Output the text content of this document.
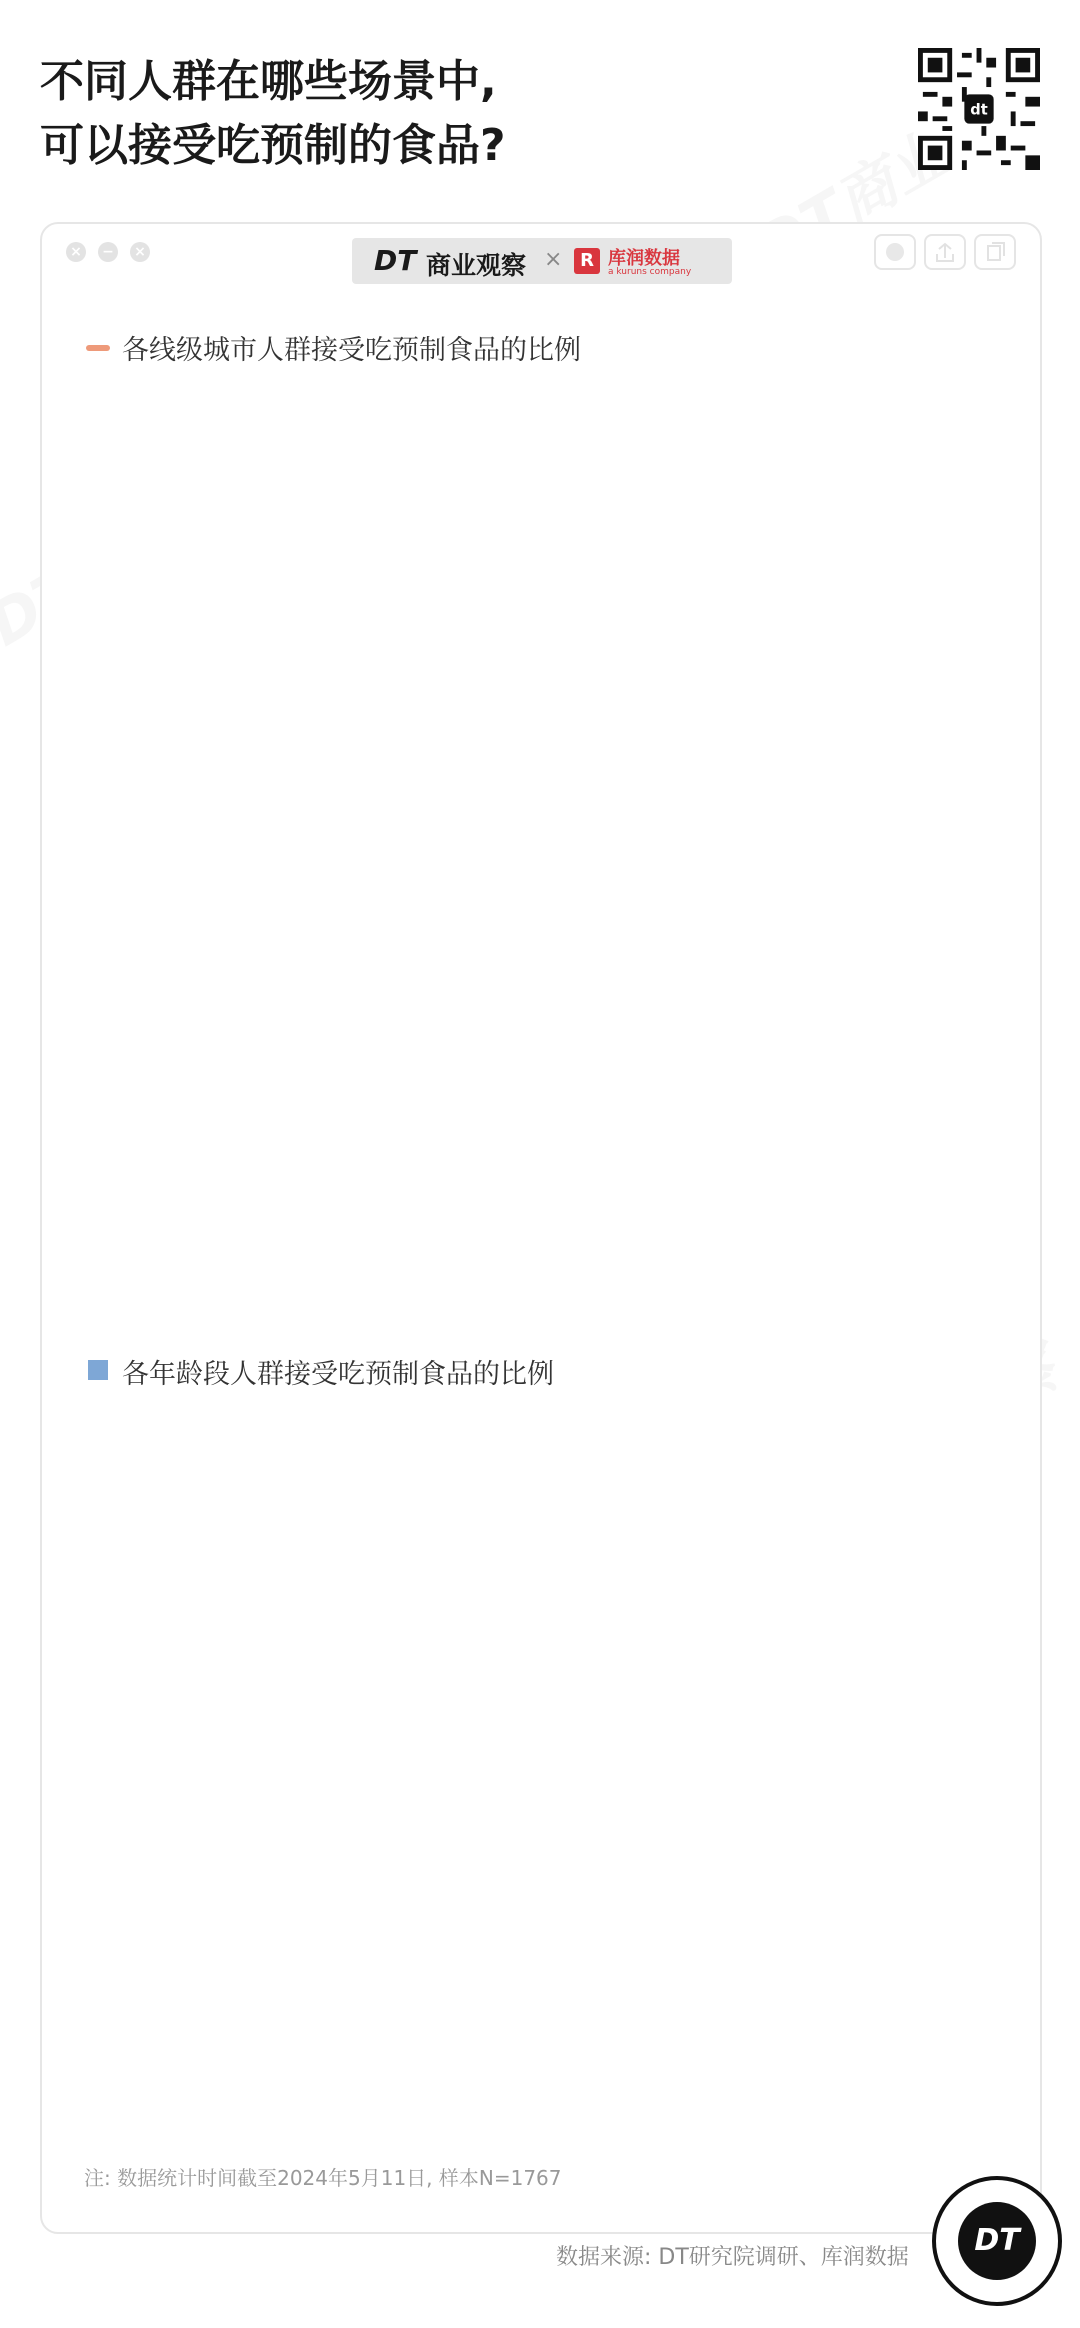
不同人群在哪些场景中,
可以接受吃预制的食品?
dt
× − ×	DT 商业观察 × R 库润数据
a kuruns company
各线级城市人群接受吃预制食品的比例
各年龄段人群接受吃预制食品的比例
注: 数据统计时间截至2024年5月11日, 样本N=1767
数据来源: DT研究院调研、库润数据	DT
